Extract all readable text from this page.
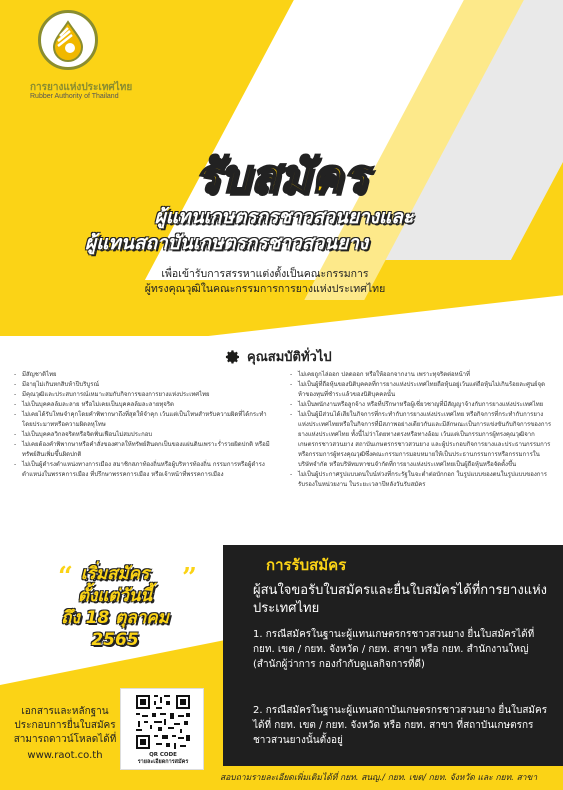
การยางแห่งประเทศไทย
Rubber Authority of Thailand
รับสมัคร
ผู้แทนเกษตรกรชาวสวนยางและ
ผู้แทนสถาบันเกษตรกรชาวสวนยาง
เพื่อเข้ารับการสรรหาแต่งตั้งเป็นคณะกรรมการ
ผู้ทรงคุณวุฒิในคณะกรรมการการยางแห่งประเทศไทย
คุณสมบัติทั่วไป
- มีสัญชาติไทย
- มีอายุไม่เกินหกสิบห้าปีบริบูรณ์
- มีคุณวุฒิและประสบการณ์เหมาะสมกับกิจการของการยางแห่งประเทศไทย
- ไม่เป็นบุคคลล้มละลาย หรือไม่เคยเป็นบุคคลล้มละลายทุจริต
- ไม่เคยได้รับโทษจำคุกโดยคำพิพากษาถึงที่สุดให้จำคุก เว้นแต่เป็นโทษสำหรับความผิดที่ได้กระทำโดยประมาทหรือความผิดลหุโทษ
- ไม่เป็นบุคคลวิกลจริตหรือจิตฟั่นเฟือนไม่สมประกอบ
- ไม่เคยต้องคำพิพากษาหรือคำสั่งของศาลให้ทรัพย์สินตกเป็นของแผ่นดินเพราะร่ำรวยผิดปกติ หรือมีทรัพย์สินเพิ่มขึ้นผิดปกติ
- ไม่เป็นผู้ดำรงตำแหน่งทางการเมือง สมาชิกสภาท้องถิ่นหรือผู้บริหารท้องถิ่น กรรมการหรือผู้ดำรงตำแหน่งในพรรคการเมือง ที่ปรึกษาพรรคการเมือง หรือเจ้าหน้าที่พรรคการเมือง
- ไม่เคยถูกไล่ออก ปลดออก หรือให้ออกจากงาน เพราะทุจริตต่อหน้าที่
- ไม่เป็นผู้ที่ถือหุ้นของนิติบุคคลที่การยางแห่งประเทศไทยถือหุ้นอยู่เว้นแต่ถือหุ้นไม่เกินร้อยละศูนย์จุดห้าของทุนที่ชำระแล้วของนิติบุคคลนั้น
- ไม่เป็นพนักงานหรือลูกจ้าง หรือที่ปรึกษาหรือผู้เชี่ยวชาญที่มีสัญญาจ้างกับการยางแห่งประเทศไทย
- ไม่เป็นผู้มีส่วนได้เสียในกิจการที่กระทำกับการยางแห่งประเทศไทย หรือกิจการที่กระทำกับการยางแห่งประเทศไทยหรือในกิจการที่มีสภาพอย่างเดียวกันและมีลักษณะเป็นการแข่งขันกับกิจการของการยางแห่งประเทศไทย ทั้งนี้ไม่ว่าโดยทางตรงหรือทางอ้อม เว้นแต่เป็นกรรมการผู้ทรงคุณวุฒิจากเกษตรกรชาวสวนยาง สถาบันเกษตรกรชาวสวนยาง และผู้ประกอบกิจการยางและประธานกรรมการ หรือกรรมการผู้ทรงคุณวุฒิซึ่งคณะกรรมการมอบหมายให้เป็นประธานกรรมการหรือกรรมการในบริษัทจำกัด หรือบริษัทมหาชนจำกัดที่การยางแห่งประเทศไทยเป็นผู้ถือหุ้นหรือจัดตั้งขึ้น
- ไม่เป็นผู้ประกาศรูปแบบตนใบน์ห่วงที่กระรัฐในจะต่ำต่อบักกอก ในรูปแบบของตนในรูปแบบของการรับรองในหน่วยงาน ในระยะเวลาปีหลังวันรับสมัคร
“	”
เริ่มสมัคร
ตั้งแต่วันนี้
ถึง 18 ตุลาคม
2565
การรับสมัคร
ผู้สนใจขอรับใบสมัครและยื่นใบสมัครได้ที่การยางแห่งประเทศไทย
1. กรณีสมัครในฐานะผู้แทนเกษตรกรชาวสวนยาง ยื่นใบสมัครได้ที่ กยท. เขต / กยท. จังหวัด / กยท. สาขา หรือ กยท. สำนักงานใหญ่ (สำนักผู้ว่าการ กองกำกับดูแลกิจการที่ดี)
2. กรณีสมัครในฐานะผู้แทนสถาบันเกษตรกรชาวสวนยาง ยื่นใบสมัครได้ที่ กยท. เขต / กยท. จังหวัด หรือ กยท. สาขา ที่สถาบันเกษตรกรชาวสวนยางนั้นตั้งอยู่
เอกสารและหลักฐานประกอบการยื่นใบสมัคร สามารถดาวน์โหลดได้ที่
www.raot.co.th	QR CODE
รายละเอียดการสมัคร
สอบถามรายละเอียดเพิ่มเติมได้ที่ กยท. สนญ./ กยท. เขต/ กยท. จังหวัด และ กยท. สาขา
